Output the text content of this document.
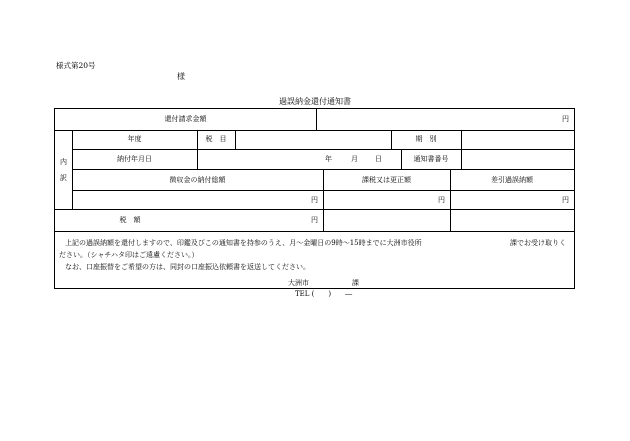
様式第20号
様
過誤納金還付通知書
還付請求金額	円
内
訳
年度	税　目	期　別
納付年月日	年	月 日	通知書番号
徴収金の納付総額	課税又は更正額	差引過誤納額
円	円	円
税　額	円
上記の過誤納額を還付しますので、印鑑及びこの通知書を持参のうえ、月～金曜日の9時～15時までに大洲市役所	課でお受け取りく
ださい。（シャチハタ印はご遠慮ください。）
なお、口座振替をご希望の方は、同封の口座振込依頼書を返送してください。
大洲市	課
TEL (　　)　　―
